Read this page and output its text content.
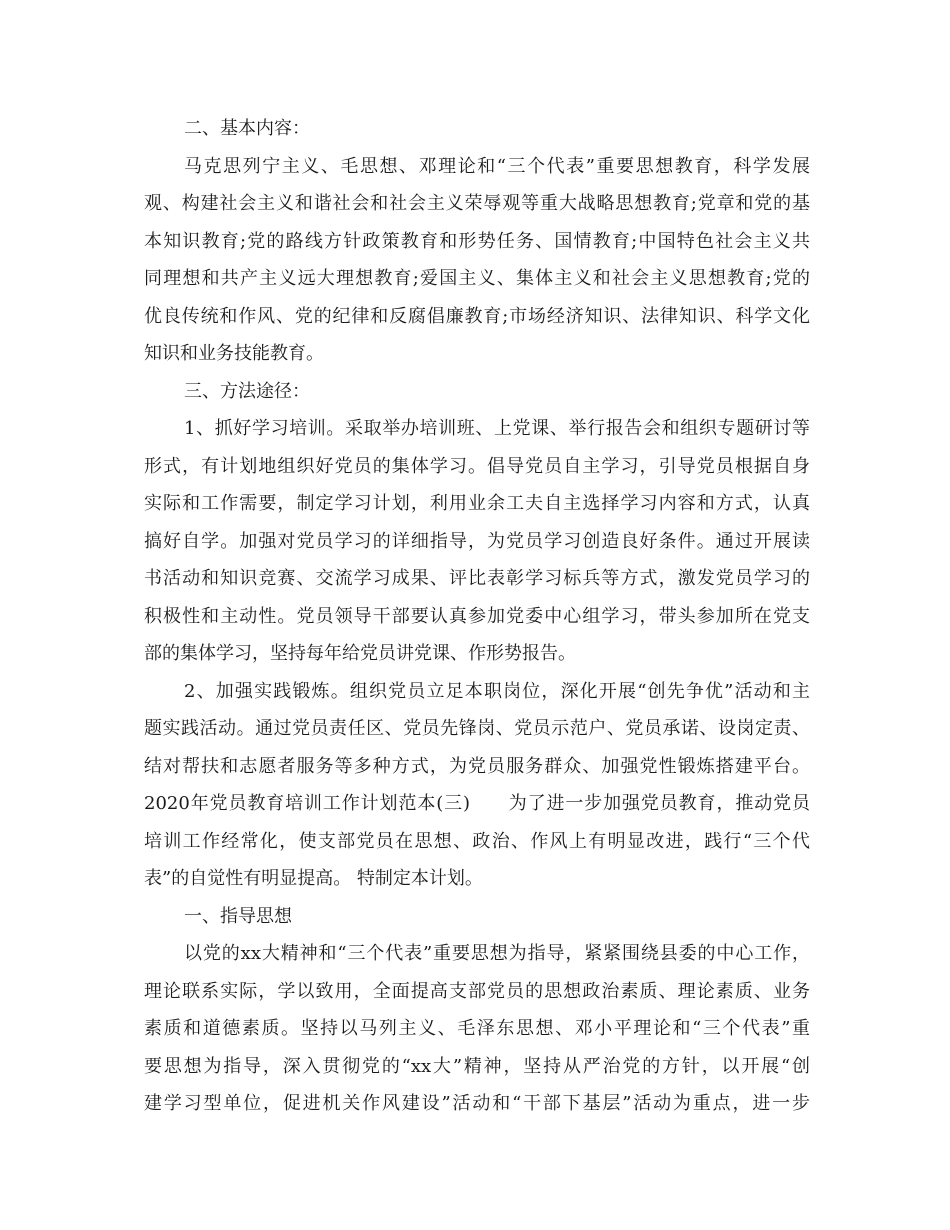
二、基本内容：
马克思列宁主义、毛思想、邓理论和“三个代表”重要思想教育，科学发展
观、构建社会主义和谐社会和社会主义荣辱观等重大战略思想教育;党章和党的基
本知识教育;党的路线方针政策教育和形势任务、国情教育;中国特色社会主义共
同理想和共产主义远大理想教育;爱国主义、集体主义和社会主义思想教育;党的
优良传统和作风、党的纪律和反腐倡廉教育;市场经济知识、法律知识、科学文化
知识和业务技能教育。
三、方法途径：
1、抓好学习培训。采取举办培训班、上党课、举行报告会和组织专题研讨等
形式，有计划地组织好党员的集体学习。倡导党员自主学习，引导党员根据自身
实际和工作需要，制定学习计划，利用业余工夫自主选择学习内容和方式，认真
搞好自学。加强对党员学习的详细指导，为党员学习创造良好条件。通过开展读
书活动和知识竞赛、交流学习成果、评比表彰学习标兵等方式，激发党员学习的
积极性和主动性。党员领导干部要认真参加党委中心组学习，带头参加所在党支
部的集体学习，坚持每年给党员讲党课、作形势报告。
2、加强实践锻炼。组织党员立足本职岗位，深化开展“创先争优”活动和主
题实践活动。通过党员责任区、党员先锋岗、党员示范户、党员承诺、设岗定责、
结对帮扶和志愿者服务等多种方式，为党员服务群众、加强党性锻炼搭建平台。
2020年党员教育培训工作计划范本(三)　　为了进一步加强党员教育，推动党员
培训工作经常化，使支部党员在思想、政治、作风上有明显改进，践行“三个代
表”的自觉性有明显提高。 特制定本计划。
一、指导思想
以党的xx大精神和“三个代表”重要思想为指导，紧紧围绕县委的中心工作，
理论联系实际，学以致用，全面提高支部党员的思想政治素质、理论素质、业务
素质和道德素质。坚持以马列主义、毛泽东思想、邓小平理论和“三个代表”重
要思想为指导，深入贯彻党的“xx大”精神，坚持从严治党的方针，以开展“创
建学习型单位，促进机关作风建设”活动和“干部下基层”活动为重点，进一步
